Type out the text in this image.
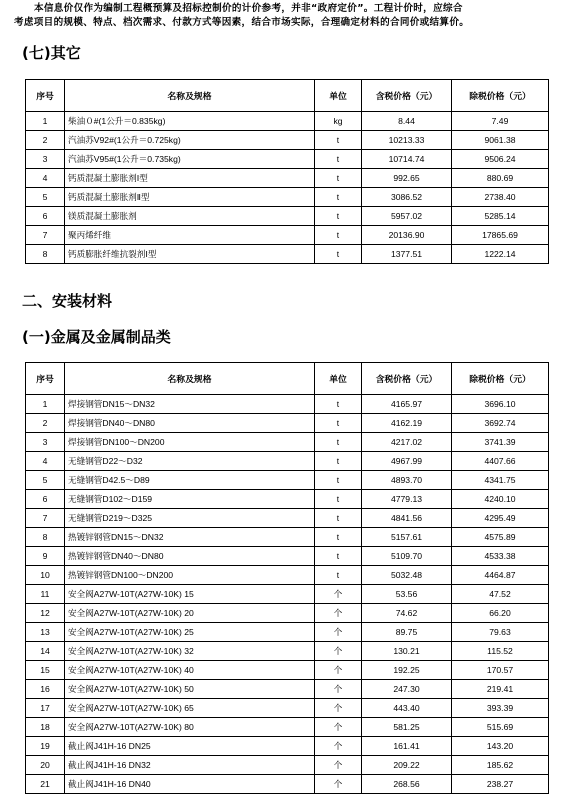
本信息价仅作为编制工程概预算及招标控制价的计价参考，并非“政府定价”。工程计价时，应综合
考虑项目的规模、特点、档次需求、付款方式等因素，结合市场实际，合理确定材料的合同价或结算价。
(七)其它
序号	名称及规格	单位	含税价格（元）	除税价格（元）
1	柴油０#(1公升＝0.835kg)	kg	8.44	7.49
2	汽油苏V92#(1公升＝0.725kg)	t	10213.33	9061.38
3	汽油苏V95#(1公升＝0.735kg)	t	10714.74	9506.24
4	钙质混凝土膨胀剂Ⅰ型	t	992.65	880.69
5	钙质混凝土膨胀剂Ⅱ型	t	3086.52	2738.40
6	镁质混凝土膨胀剂	t	5957.02	5285.14
7	聚丙烯纤维	t	20136.90	17865.69
8	钙质膨胀纤维抗裂剂Ⅰ型	t	1377.51	1222.14
二、安装材料
(一)金属及金属制品类
序号	名称及规格	单位	含税价格（元）	除税价格（元）
1	焊接钢管DN15～DN32	t	4165.97	3696.10
2	焊接钢管DN40～DN80	t	4162.19	3692.74
3	焊接钢管DN100～DN200	t	4217.02	3741.39
4	无缝钢管D22～D32	t	4967.99	4407.66
5	无缝钢管D42.5～D89	t	4893.70	4341.75
6	无缝钢管D102～D159	t	4779.13	4240.10
7	无缝钢管D219～D325	t	4841.56	4295.49
8	热镀锌钢管DN15～DN32	t	5157.61	4575.89
9	热镀锌钢管DN40～DN80	t	5109.70	4533.38
10	热镀锌钢管DN100～DN200	t	5032.48	4464.87
11	安全阀A27W-10T(A27W-10K) 15	个	53.56	47.52
12	安全阀A27W-10T(A27W-10K) 20	个	74.62	66.20
13	安全阀A27W-10T(A27W-10K) 25	个	89.75	79.63
14	安全阀A27W-10T(A27W-10K) 32	个	130.21	115.52
15	安全阀A27W-10T(A27W-10K) 40	个	192.25	170.57
16	安全阀A27W-10T(A27W-10K) 50	个	247.30	219.41
17	安全阀A27W-10T(A27W-10K) 65	个	443.40	393.39
18	安全阀A27W-10T(A27W-10K) 80	个	581.25	515.69
19	截止阀J41H-16 DN25	个	161.41	143.20
20	截止阀J41H-16 DN32	个	209.22	185.62
21	截止阀J41H-16 DN40	个	268.56	238.27
